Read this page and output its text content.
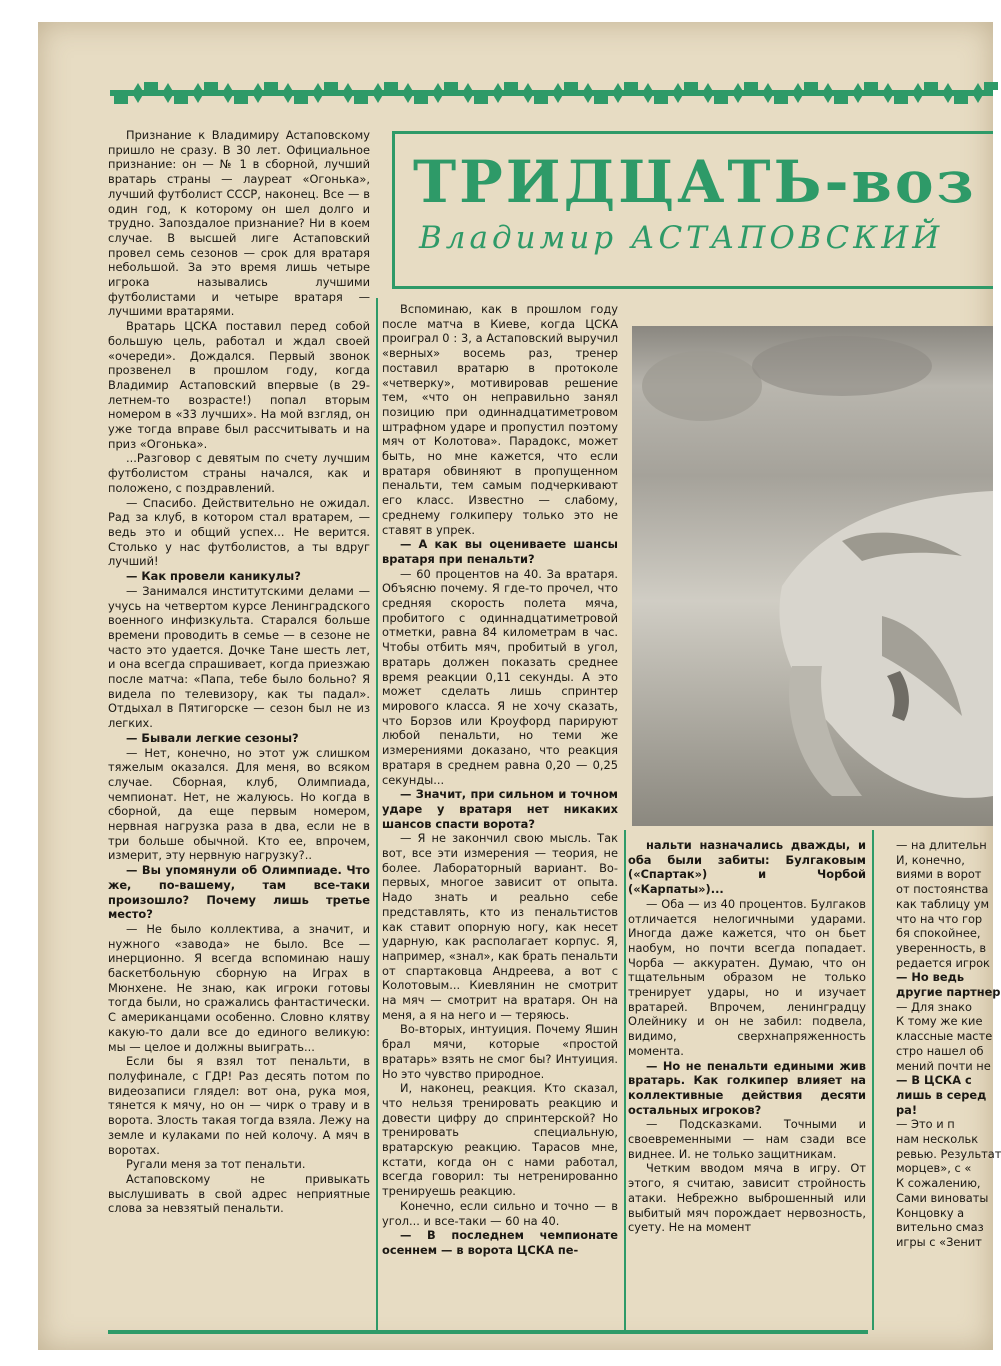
ТРИДЦАТЬ-воз
Владимир АСТАПОВСКИЙ

Признание к Владимиру Астаповскому пришло не сразу. В 30 лет. Официальное признание: он — № 1 в сборной, лучший вратарь страны — лауреат «Огонька», лучший футболист СССР, наконец. Все — в один год, к которому он шел долго и трудно. Запоздалое признание? Ни в коем случае. В высшей лиге Астаповский провел семь сезонов — срок для вратаря небольшой. За это время лишь четыре игрока назывались лучшими футболистами и четыре вратаря — лучшими вратарями.

Вратарь ЦСКА поставил перед собой большую цель, работал и ждал своей «очереди». Дождался. Первый звонок прозвенел в прошлом году, когда Владимир Астаповский впервые (в 29-летнем-то возрасте!) попал вторым номером в «33 лучших». На мой взгляд, он уже тогда вправе был рассчитывать и на приз «Огонька».

...Разговор с девятым по счету лучшим футболистом страны начался, как и положено, с поздравлений.

— Спасибо. Действительно не ожидал. Рад за клуб, в котором стал вратарем, — ведь это и общий успех... Не верится. Столько у нас футболистов, а ты вдруг лучший!

— Как провели каникулы?

— Занимался институтскими делами — учусь на четвертом курсе Ленинградского военного инфизкульта. Старался больше времени проводить в семье — в сезоне не часто это удается. Дочке Тане шесть лет, и она всегда спрашивает, когда приезжаю после матча: «Папа, тебе было больно? Я видела по телевизору, как ты падал». Отдыхал в Пятигорске — сезон был не из легких.

— Бывали легкие сезоны?

— Нет, конечно, но этот уж слишком тяжелым оказался. Для меня, во всяком случае. Сборная, клуб, Олимпиада, чемпионат. Нет, не жалуюсь. Но когда в сборной, да еще первым номером, нервная нагрузка раза в два, если не в три больше обычной. Кто ее, впрочем, измерит, эту нервную нагрузку?..

— Вы упомянули об Олимпиаде. Что же, по-вашему, там все-таки произошло? Почему лишь третье место?

— Не было коллектива, а значит, и нужного «завода» не было. Все — инерционно. Я всегда вспоминаю нашу баскетбольную сборную на Играх в Мюнхене. Не знаю, как игроки готовы тогда были, но сражались фантастически. С американцами особенно. Словно клятву какую-то дали все до единого великую: мы — целое и должны выиграть...

Если бы я взял тот пенальти, в полуфинале, с ГДР! Раз десять потом по видеозаписи глядел: вот она, рука моя, тянется к мячу, но он — чирк о траву и в ворота. Злость такая тогда взяла. Лежу на земле и кулаками по ней колочу. А мяч в воротах.

Ругали меня за тот пенальти.

Астаповскому не привыкать выслушивать в свой адрес неприятные слова за невзятый пенальти.

Вспоминаю, как в прошлом году после матча в Киеве, когда ЦСКА проиграл 0 : 3, а Астаповский выручил «верных» восемь раз, тренер поставил вратарю в протоколе «четверку», мотивировав решение тем, «что он неправильно занял позицию при одиннадцатиметровом штрафном ударе и пропустил поэтому мяч от Колотова». Парадокс, может быть, но мне кажется, что если вратаря обвиняют в пропущенном пенальти, тем самым подчеркивают его класс. Известно — слабому, среднему голкиперу только это не ставят в упрек.

— А как вы оцениваете шансы вратаря при пенальти?

— 60 процентов на 40. За вратаря. Объясню почему. Я где-то прочел, что средняя скорость полета мяча, пробитого с одиннадцатиметровой отметки, равна 84 километрам в час. Чтобы отбить мяч, пробитый в угол, вратарь должен показать среднее время реакции 0,11 секунды. А это может сделать лишь спринтер мирового класса. Я не хочу сказать, что Борзов или Кроуфорд парируют любой пенальти, но теми же измерениями доказано, что реакция вратаря в среднем равна 0,20 — 0,25 секунды...

— Значит, при сильном и точном ударе у вратаря нет никаких шансов спасти ворота?

— Я не закончил свою мысль. Так вот, все эти измерения — теория, не более. Лабораторный вариант. Во-первых, многое зависит от опыта. Надо знать и реально себе представлять, кто из пенальтистов как ставит опорную ногу, как несет ударную, как располагает корпус. Я, например, «знал», как брать пенальти от спартаковца Андреева, а вот с Колотовым... Киевлянин не смотрит на мяч — смотрит на вратаря. Он на меня, а я на него и — теряюсь.

Во-вторых, интуиция. Почему Яшин брал мячи, которые «простой вратарь» взять не смог бы? Интуиция. Но это чувство природное.

И, наконец, реакция. Кто сказал, что нельзя тренировать реакцию и довести цифру до спринтерской? Но тренировать специальную, вратарскую реакцию. Тарасов мне, кстати, когда он с нами работал, всегда говорил: ты нетренированно тренируешь реакцию.

Конечно, если сильно и точно — в угол... и все-таки — 60 на 40.

— В последнем чемпионате осеннем — в ворота ЦСКА пе-

нальти назначались дважды, и оба были забиты: Булгаковым («Спартак») и Чорбой («Карпаты»)...

— Оба — из 40 процентов. Булгаков отличается нелогичными ударами. Иногда даже кажется, что он бьет наобум, но почти всегда попадает. Чорба — аккуратен. Думаю, что он тщательным образом не только тренирует удары, но и изучает вратарей. Впрочем, ленинградцу Олейнику и он не забил: подвела, видимо, сверхнапряженность момента.

— Но не пенальти едиными жив вратарь. Как голкипер влияет на коллективные действия десяти остальных игроков?

— Подсказками. Точными и своевременными — нам сзади все виднее. И. не только защитникам.

Четким вводом мяча в игру. От этого, я считаю, зависит стройность атаки. Небрежно выброшенный или выбитый мяч порождает нервозность, суету. Не на момент

— на длительн

И, конечно,

виями в ворот

от постоянства

как таблицу ум

что на что гор

бя спокойнее,

уверенность, в

редается игрок

— Но ведь

другие партнер

— Для знако

К тому же кие

классные масте

стро нашел об

мений почти не

— В ЦСКА с

лишь в серед

ра!

— Это и п

нам нескольк

ревью. Результат

морцев», с «

К сожалению,

Сами виноваты

Концовку а

вительно смаз

игры с «Зенит
